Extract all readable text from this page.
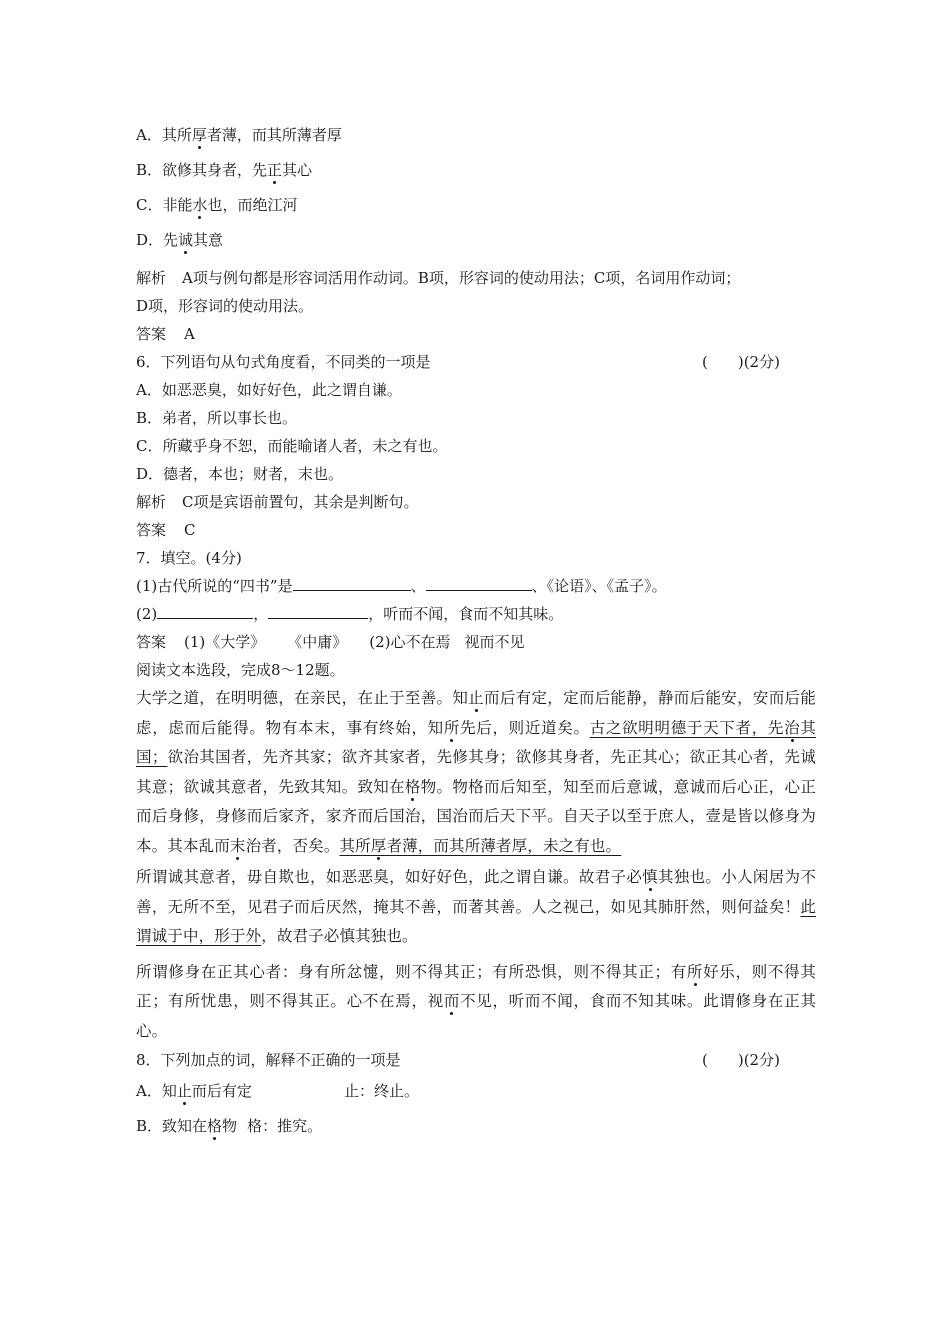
A．其所厚者薄，而其所薄者厚
B．欲修其身者，先正其心
C．非能水也，而绝江河
D．先诚其意
解析 A项与例句都是形容词活用作动词。B项，形容词的使动用法；C项，名词用作动词；
D项，形容词的使动用法。
答案 A
6．下列语句从句式角度看，不同类的一项是	(　　)(2分)
A．如恶恶臭，如好好色，此之谓自谦。
B．弟者，所以事长也。
C．所藏乎身不恕，而能喻诸人者，未之有也。
D．德者，本也；财者，末也。
解析 C项是宾语前置句，其余是判断句。
答案 C
7．填空。(4分)
(1)古代所说的“四书”是	、	、《论语》、《孟子》。
(2)	，	，听而不闻，食而不知其味。
答案 (1)《大学》 《中庸》 (2)心不在焉 视而不见
阅读文本选段，完成8～12题。
大学之道，在明明德，在亲民，在止于至善。知止而后有定，定而后能静，静而后能安，安而后能虑，虑而后能得。物有本末，事有终始，知所先后，则近道矣。古之欲明明德于天下者，先治其国；欲治其国者，先齐其家；欲齐其家者，先修其身；欲修其身者，先正其心；欲正其心者，先诚其意；欲诚其意者，先致其知。致知在格物。物格而后知至，知至而后意诚，意诚而后心正，心正而后身修，身修而后家齐，家齐而后国治，国治而后天下平。自天子以至于庶人，壹是皆以修身为本。其本乱而末治者，否矣。其所厚者薄，而其所薄者厚，未之有也。
所谓诚其意者，毋自欺也，如恶恶臭，如好好色，此之谓自谦。故君子必慎其独也。小人闲居为不善，无所不至，见君子而后厌然，掩其不善，而著其善。人之视己，如见其肺肝然，则何益矣！此谓诚于中，形于外，故君子必慎其独也。
所谓修身在正其心者：身有所忿懥，则不得其正；有所恐惧，则不得其正；有所好乐，则不得其正；有所忧患，则不得其正。心不在焉，视而不见，听而不闻，食而不知其味。此谓修身在正其心。
8．下列加点的词，解释不正确的一项是	(　　)(2分)
A．知止而后有定	止：终止。
B．致知在格物 格：推究。
